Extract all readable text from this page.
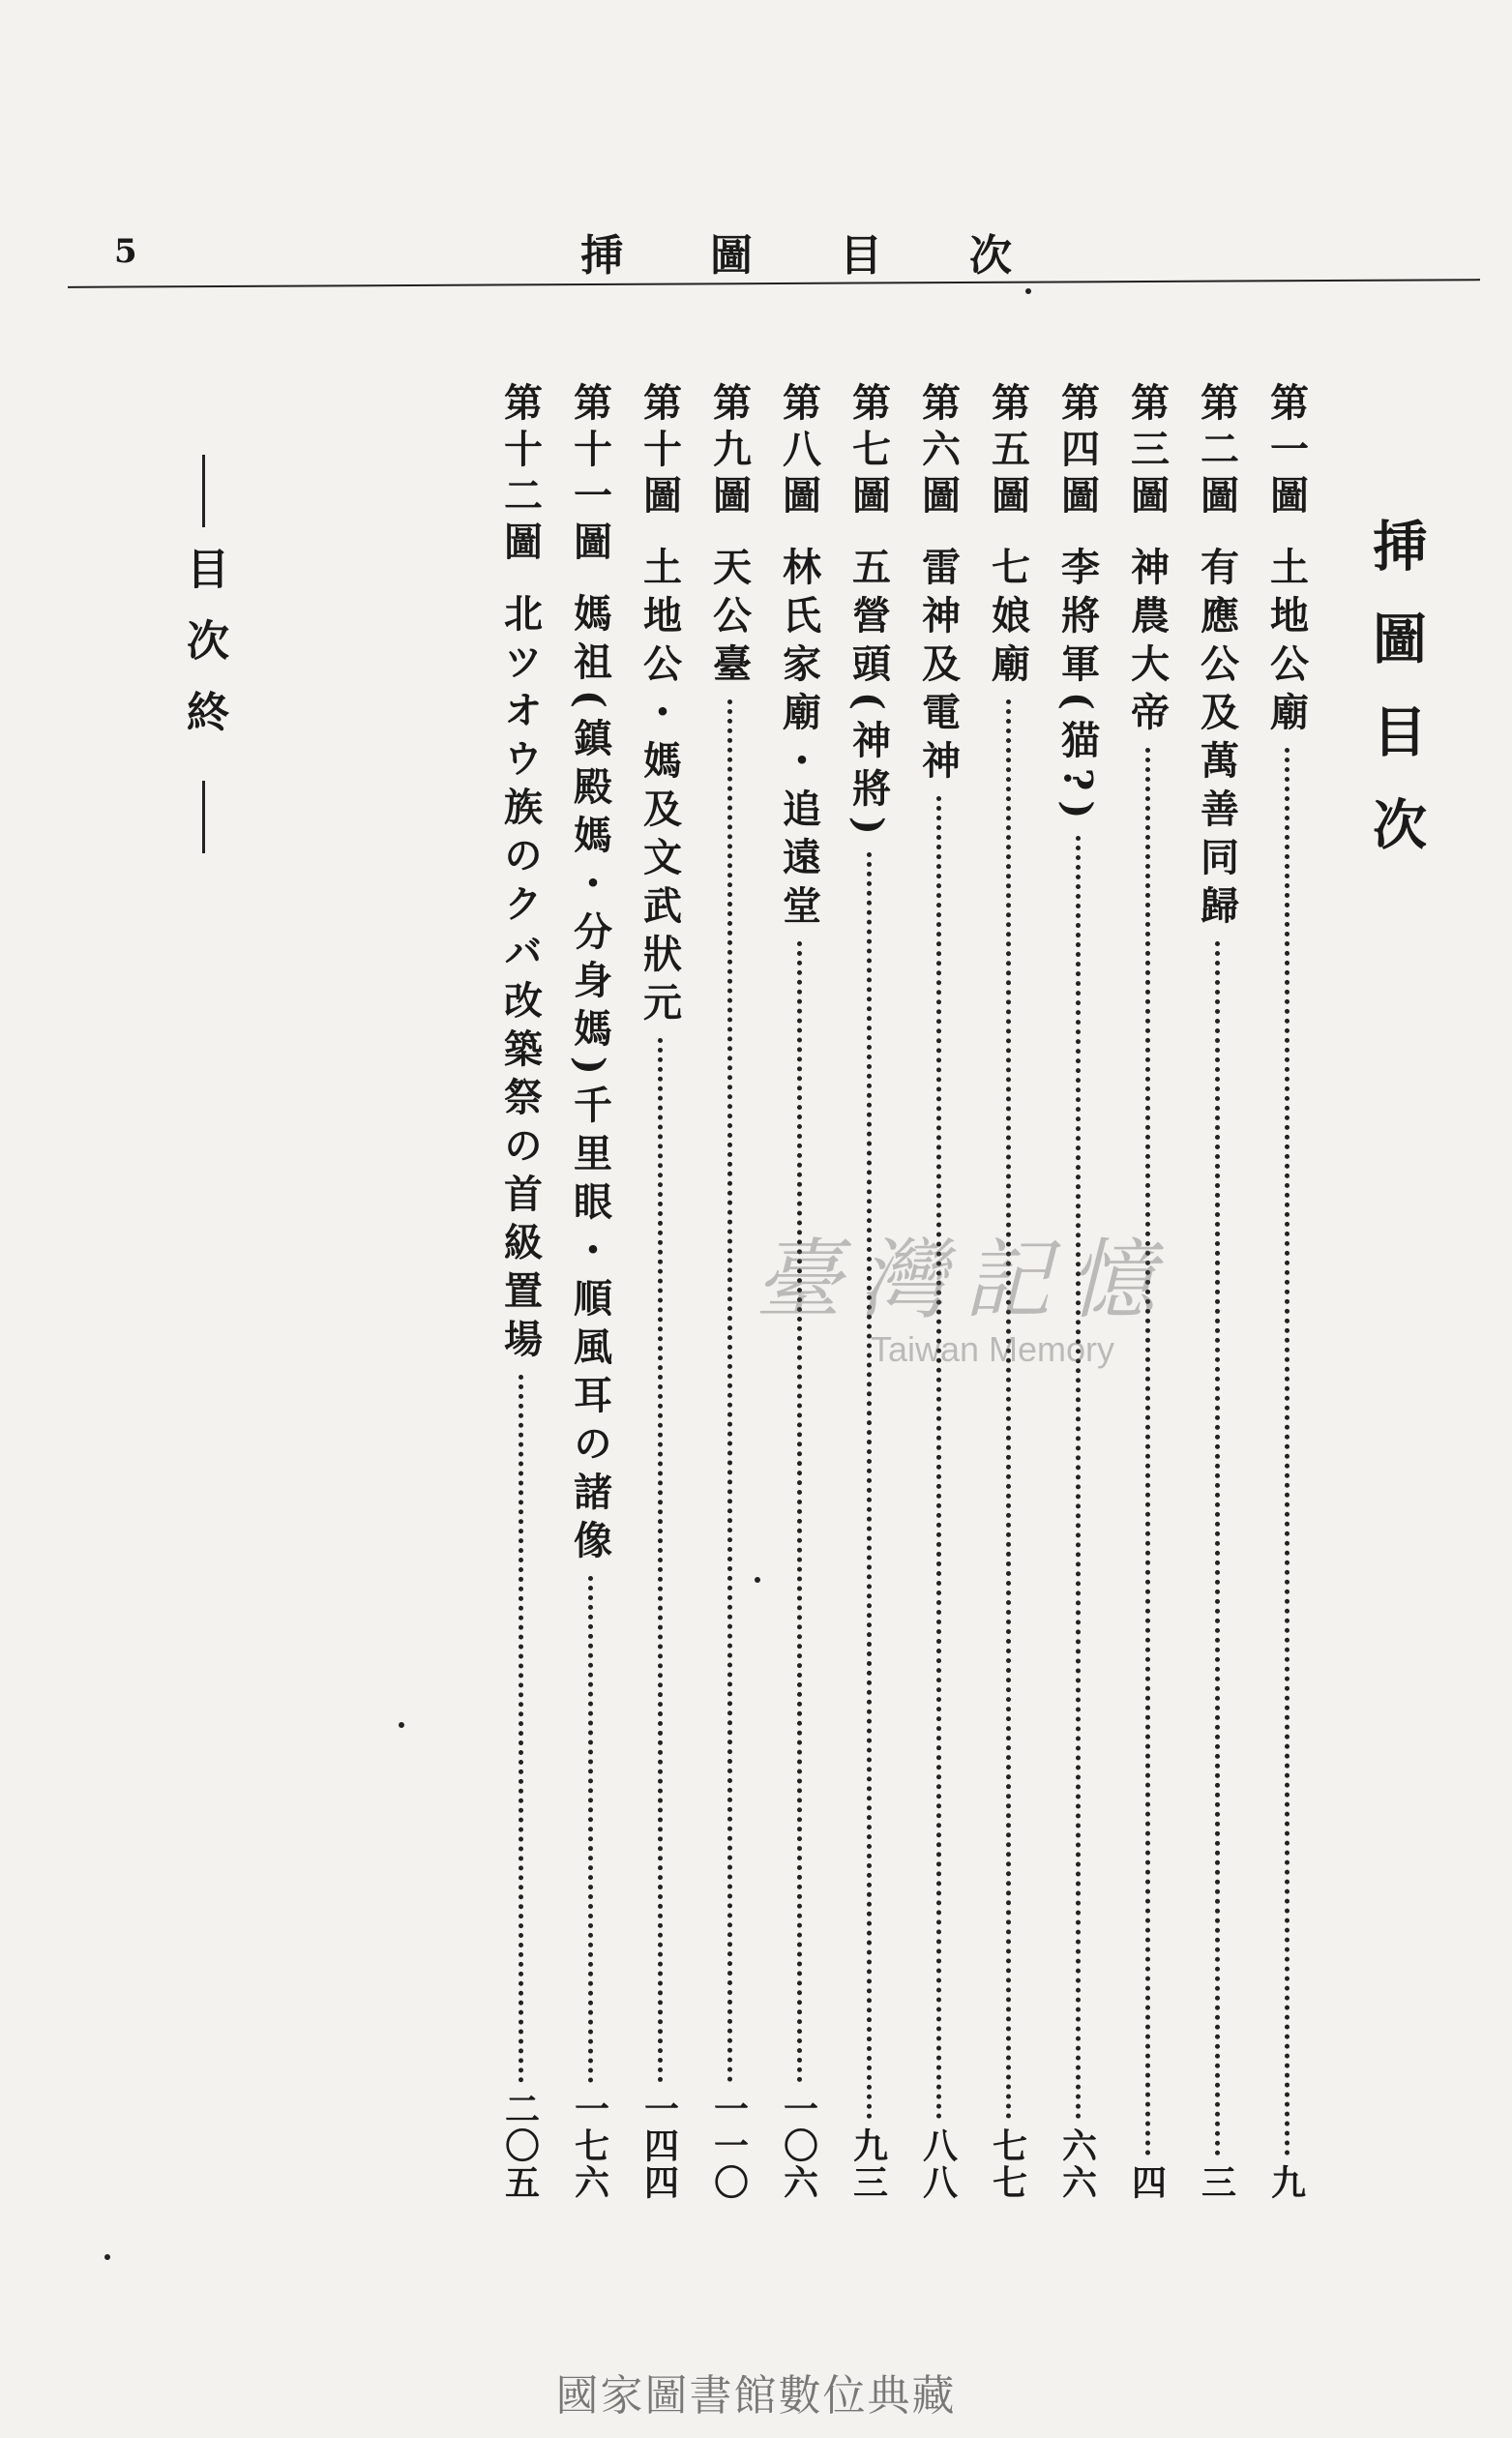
5	挿圖目次
挿圖目次
第一圖
土地公廟
九
第二圖
有應公及萬善同歸
三
第三圖
神農大帝
四
第四圖
李將軍(猫?)
六六
第五圖
七娘廟
七七
第六圖
雷神及電神
八八
第七圖
五營頭(神將)
九三
第八圖
林氏家廟・追遠堂
一〇六
第九圖
天公臺
一一〇
第十圖
土地公・媽及文武狀元
一四四
第十一圖
媽祖(鎮殿媽・分身媽)千里眼・順風耳の諸像
一七六
第十二圖
北ツオウ族のクバ改築祭の首級置場
二〇五
目次終
臺灣記憶
Taiwan Memory
國家圖書館數位典藏
